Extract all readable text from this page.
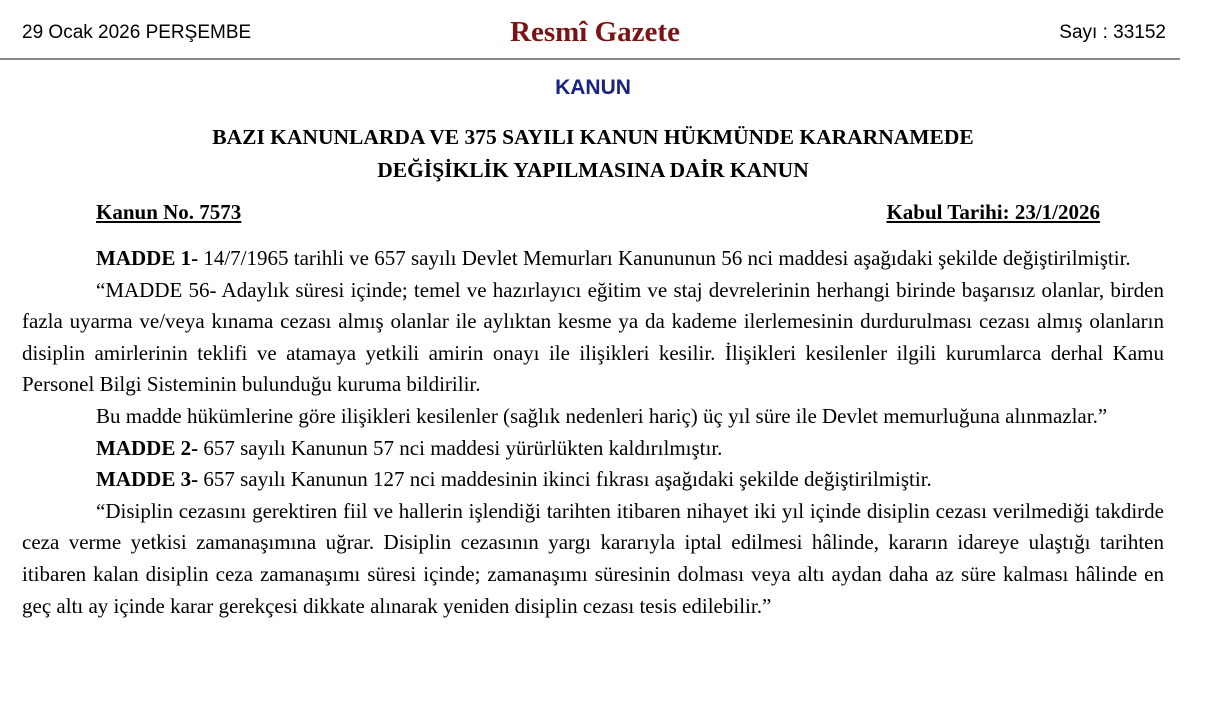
29 Ocak 2026 PERŞEMBE	Resmî Gazete	Sayı : 33152
KANUN
BAZI KANUNLARDA VE 375 SAYILI KANUN HÜKMÜNDE KARARNAMEDE
DEĞİŞİKLİK YAPILMASINA DAİR KANUN
Kanun No. 7573	Kabul Tarihi: 23/1/2026

MADDE 1- 14/7/1965 tarihli ve 657 sayılı Devlet Memurları Kanununun 56 nci maddesi aşağıdaki şekilde değiştirilmiştir.

“MADDE 56- Adaylık süresi içinde; temel ve hazırlayıcı eğitim ve staj devrelerinin herhangi birinde başarısız olanlar, birden fazla uyarma ve/veya kınama cezası almış olanlar ile aylıktan kesme ya da kademe ilerlemesinin durdurulması cezası almış olanların disiplin amirlerinin teklifi ve atamaya yetkili amirin onayı ile ilişikleri kesilir. İlişikleri kesilenler ilgili kurumlarca derhal Kamu Personel Bilgi Sisteminin bulunduğu kuruma bildirilir.

Bu madde hükümlerine göre ilişikleri kesilenler (sağlık nedenleri hariç) üç yıl süre ile Devlet memurluğuna alınmazlar.”

MADDE 2- 657 sayılı Kanunun 57 nci maddesi yürürlükten kaldırılmıştır.

MADDE 3- 657 sayılı Kanunun 127 nci maddesinin ikinci fıkrası aşağıdaki şekilde değiştirilmiştir.

“Disiplin cezasını gerektiren fiil ve hallerin işlendiği tarihten itibaren nihayet iki yıl içinde disiplin cezası verilmediği takdirde ceza verme yetkisi zamanaşımına uğrar. Disiplin cezasının yargı kararıyla iptal edilmesi hâlinde, kararın idareye ulaştığı tarihten itibaren kalan disiplin ceza zamanaşımı süresi içinde; zamanaşımı süresinin dolması veya altı aydan daha az süre kalması hâlinde en geç altı ay içinde karar gerekçesi dikkate alınarak yeniden disiplin cezası tesis edilebilir.”
